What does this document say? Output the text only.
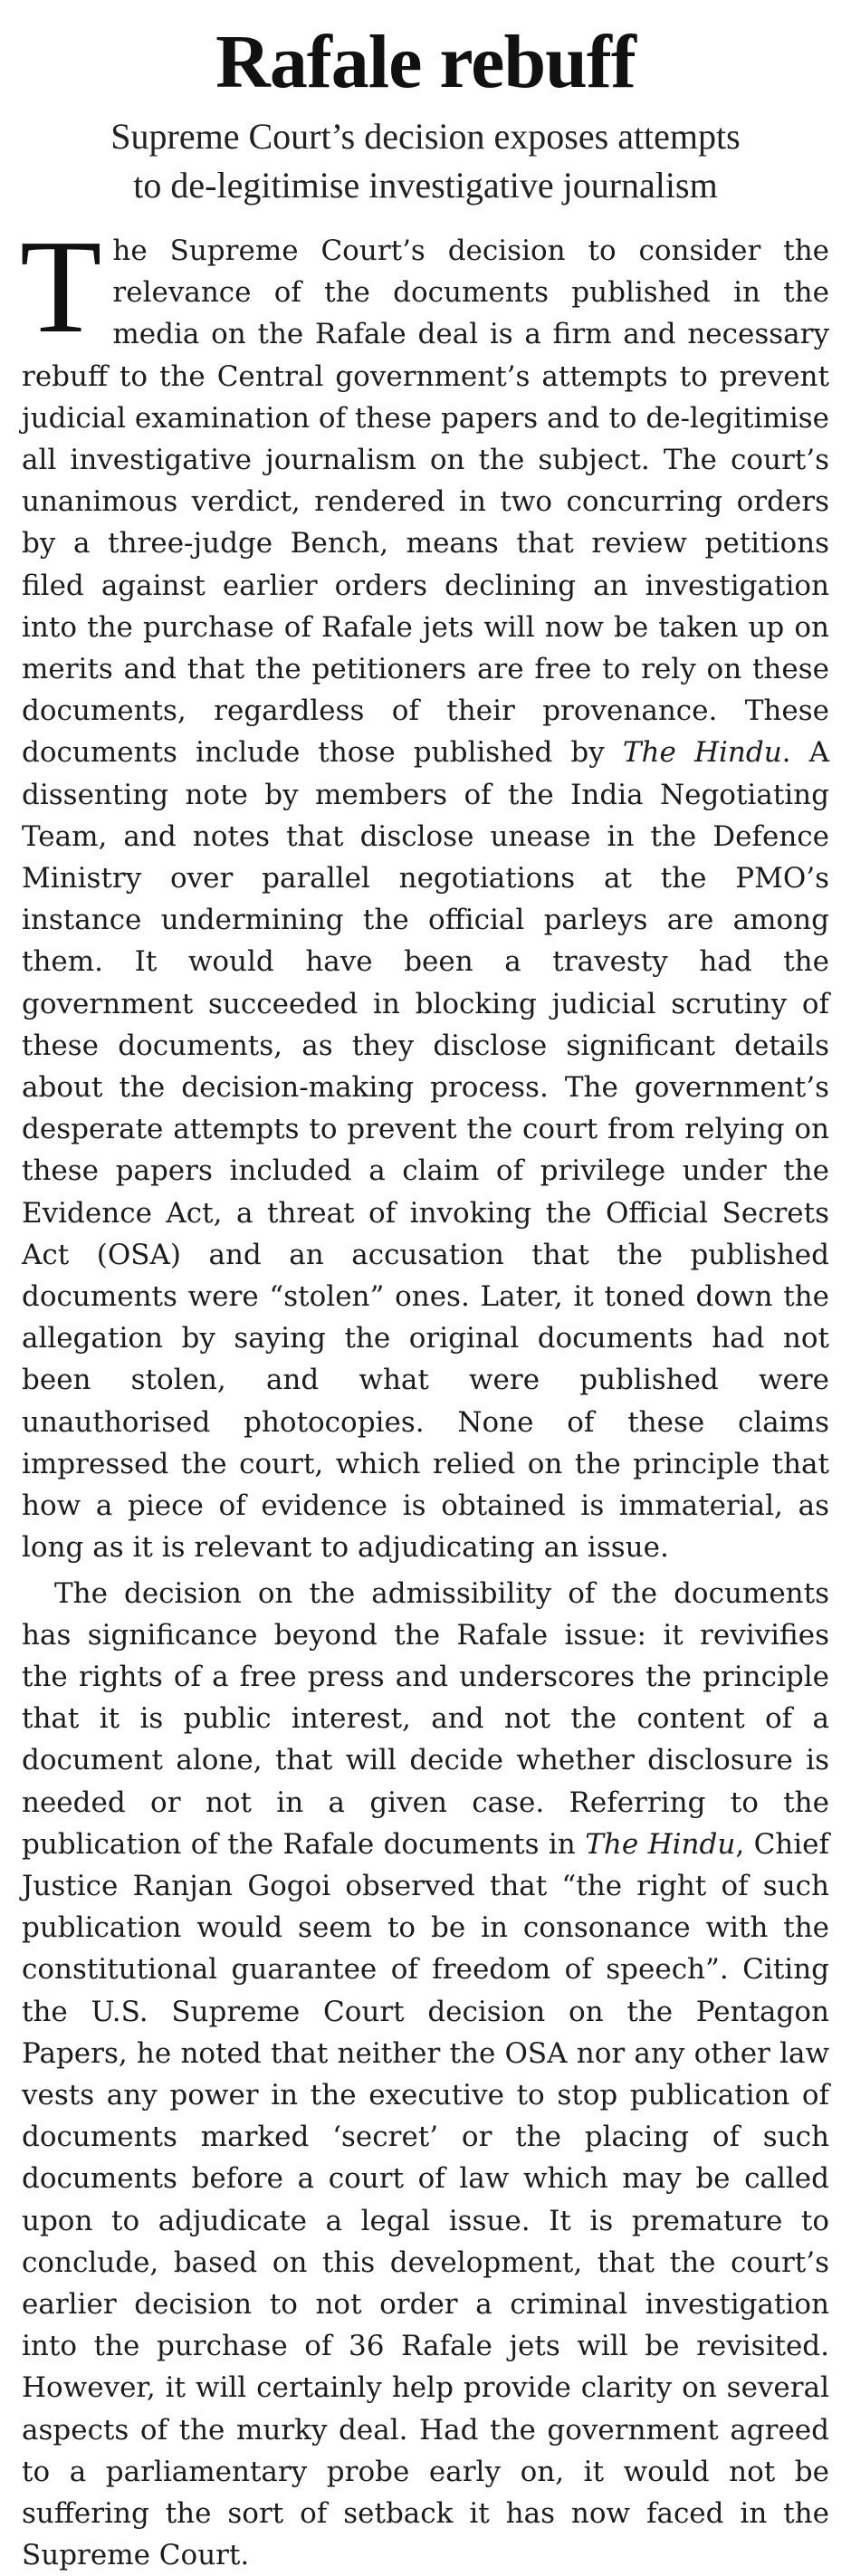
Rafale rebuff
Supreme Court’s decision exposes attempts
to de-legitimise investigative journalism

The Supreme Court’s decision to consider the relevance of the documents published in the media on the Rafale deal is a firm and necessary rebuff to the Central government’s attempts to prevent judicial examination of these papers and to de-legitimise all investigative journalism on the subject. The court’s unanimous verdict, rendered in two concurring orders by a three-judge Bench, means that review petitions filed against earlier orders declining an investigation into the purchase of Rafale jets will now be taken up on merits and that the petitioners are free to rely on these documents, regardless of their provenance. These documents include those published by The Hindu. A dissenting note by members of the India Negotiating Team, and notes that disclose unease in the Defence Ministry over parallel negotiations at the PMO’s instance undermining the official parleys are among them. It would have been a travesty had the government succeeded in blocking judicial scrutiny of these documents, as they disclose significant details about the decision-making process. The government’s desperate attempts to prevent the court from relying on these papers included a claim of privilege under the Evidence Act, a threat of invoking the Official Secrets Act (OSA) and an accusation that the published documents were “stolen” ones. Later, it toned down the allegation by saying the original documents had not been stolen, and what were published were unauthorised photocopies. None of these claims impressed the court, which relied on the principle that how a piece of evidence is obtained is immaterial, as long as it is relevant to adjudicating an issue.

The decision on the admissibility of the documents has significance beyond the Rafale issue: it revivifies the rights of a free press and underscores the principle that it is public interest, and not the content of a document alone, that will decide whether disclosure is needed or not in a given case. Referring to the publication of the Rafale documents in The Hindu, Chief Justice Ranjan Gogoi observed that “the right of such publication would seem to be in consonance with the constitutional guarantee of freedom of speech”. Citing the U.S. Supreme Court decision on the Pentagon Papers, he noted that neither the OSA nor any other law vests any power in the executive to stop publication of documents marked ‘secret’ or the placing of such documents before a court of law which may be called upon to adjudicate a legal issue. It is premature to conclude, based on this development, that the court’s earlier decision to not order a criminal investigation into the purchase of 36 Rafale jets will be revisited. However, it will certainly help provide clarity on several aspects of the murky deal. Had the government agreed to a parliamentary probe early on, it would not be suffering the sort of setback it has now faced in the Supreme Court.
